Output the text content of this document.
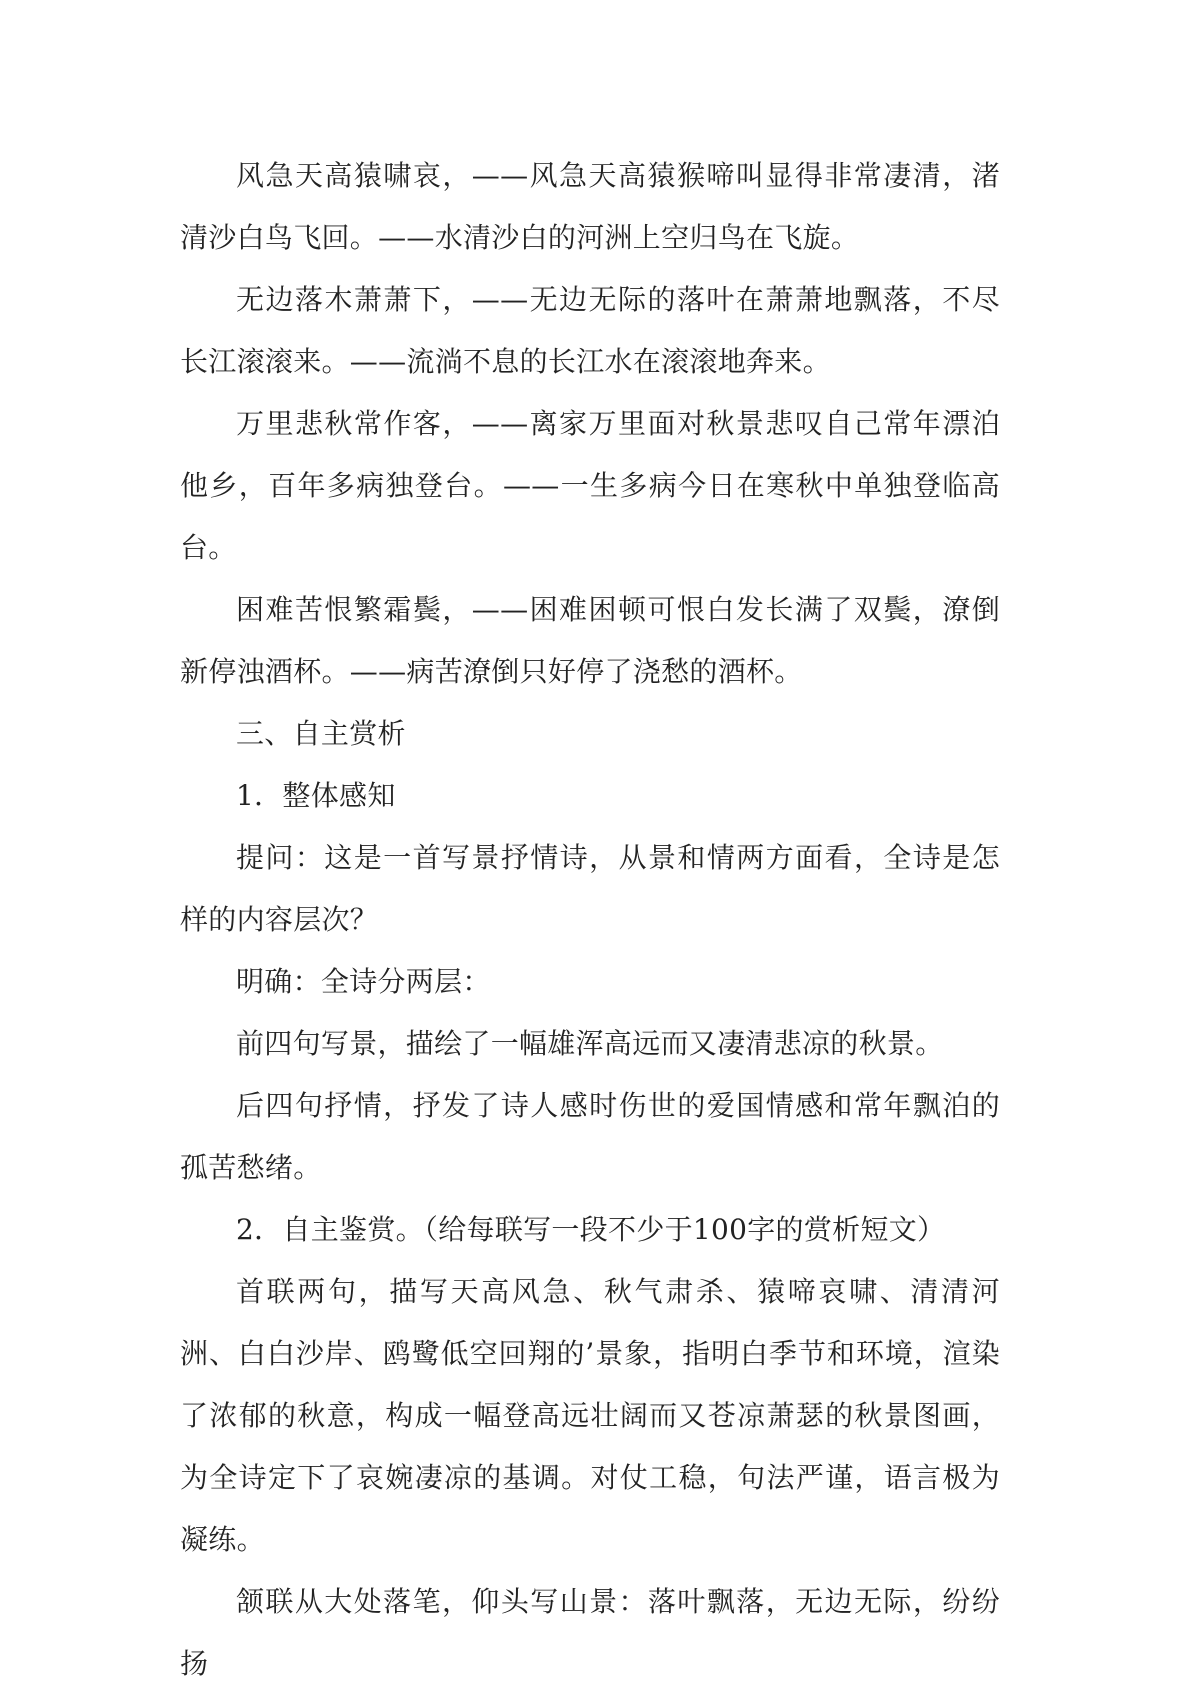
风急天高猿啸哀，——风急天高猿猴啼叫显得非常凄清，渚清沙白鸟飞回。——水清沙白的河洲上空归鸟在飞旋。

无边落木萧萧下，——无边无际的落叶在萧萧地飘落，不尽长江滚滚来。——流淌不息的长江水在滚滚地奔来。

万里悲秋常作客，——离家万里面对秋景悲叹自己常年漂泊他乡，百年多病独登台。——一生多病今日在寒秋中单独登临高台。

困难苦恨繁霜鬓，——困难困顿可恨白发长满了双鬓，潦倒新停浊酒杯。——病苦潦倒只好停了浇愁的酒杯。

三、自主赏析

1．整体感知

提问：这是一首写景抒情诗，从景和情两方面看，全诗是怎样的内容层次？

明确：全诗分两层：

前四句写景，描绘了一幅雄浑高远而又凄清悲凉的秋景。

后四句抒情，抒发了诗人感时伤世的爱国情感和常年飘泊的孤苦愁绪。

2．自主鉴赏。（给每联写一段不少于100字的赏析短文）

首联两句，描写天高风急、秋气肃杀、猿啼哀啸、清清河洲、白白沙岸、鸥鹭低空回翔的’景象，指明白季节和环境，渲染了浓郁的秋意，构成一幅登高远壮阔而又苍凉萧瑟的秋景图画，为全诗定下了哀婉凄凉的基调。对仗工稳，句法严谨，语言极为凝练。

颔联从大处落笔，仰头写山景：落叶飘落，无边无际，纷纷扬
